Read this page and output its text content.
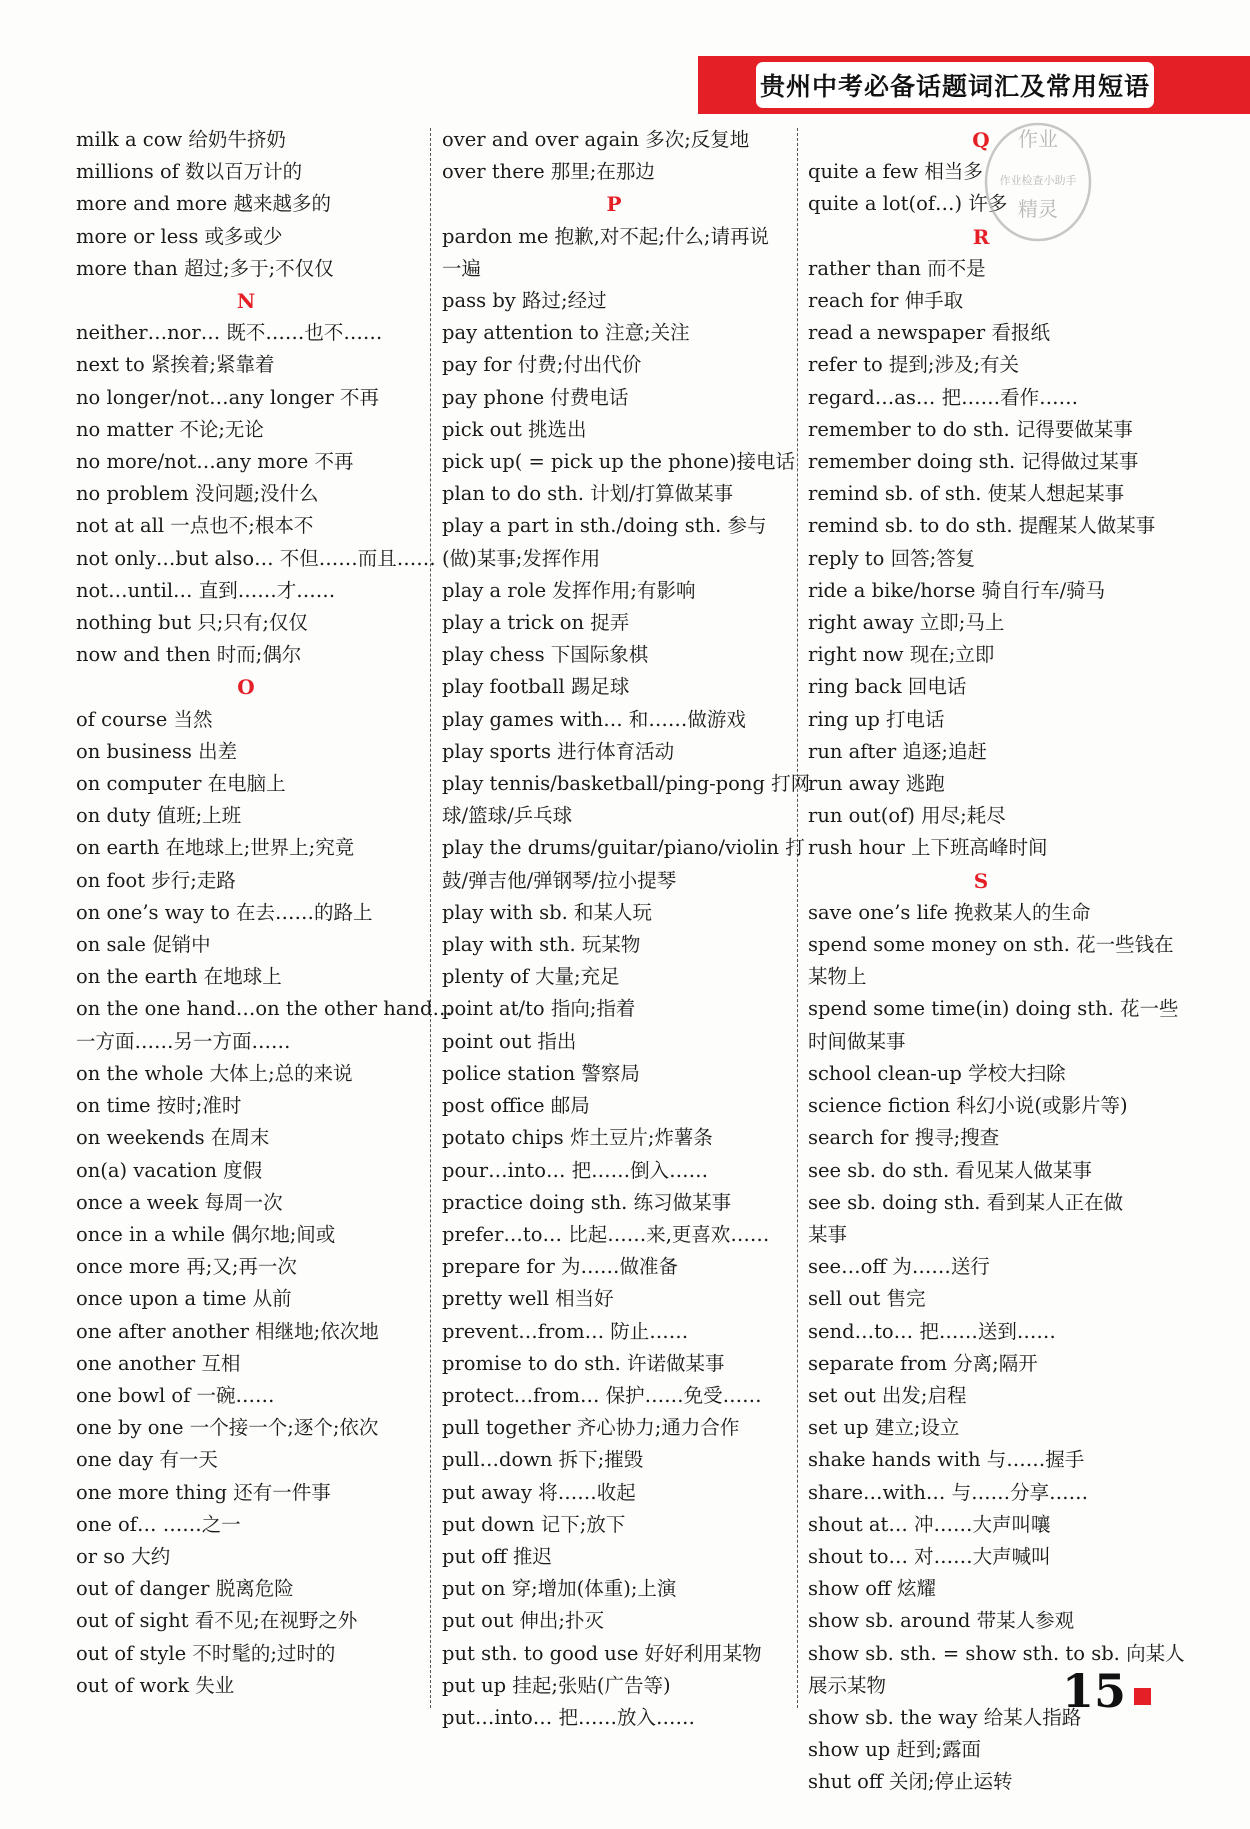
贵州中考必备话题词汇及常用短语
milk a cow 给奶牛挤奶
millions of 数以百万计的
more and more 越来越多的
more or less 或多或少
more than 超过;多于;不仅仅
N
neither…nor… 既不……也不……
next to 紧挨着;紧靠着
no longer/not…any longer 不再
no matter 不论;无论
no more/not…any more 不再
no problem 没问题;没什么
not at all 一点也不;根本不
not only…but also… 不但……而且……
not…until… 直到……才……
nothing but 只;只有;仅仅
now and then 时而;偶尔
O
of course 当然
on business 出差
on computer 在电脑上
on duty 值班;上班
on earth 在地球上;世界上;究竟
on foot 步行;走路
on one’s way to 在去……的路上
on sale 促销中
on the earth 在地球上
on the one hand…on the other hand…
一方面……另一方面……
on the whole 大体上;总的来说
on time 按时;准时
on weekends 在周末
on(a) vacation 度假
once a week 每周一次
once in a while 偶尔地;间或
once more 再;又;再一次
once upon a time 从前
one after another 相继地;依次地
one another 互相
one bowl of 一碗……
one by one 一个接一个;逐个;依次
one day 有一天
one more thing 还有一件事
one of… ……之一
or so 大约
out of danger 脱离危险
out of sight 看不见;在视野之外
out of style 不时髦的;过时的
out of work 失业
over and over again 多次;反复地
over there 那里;在那边
P
pardon me 抱歉,对不起;什么;请再说
一遍
pass by 路过;经过
pay attention to 注意;关注
pay for 付费;付出代价
pay phone 付费电话
pick out 挑选出
pick up( = pick up the phone)接电话
plan to do sth. 计划/打算做某事
play a part in sth./doing sth. 参与
(做)某事;发挥作用
play a role 发挥作用;有影响
play a trick on 捉弄
play chess 下国际象棋
play football 踢足球
play games with… 和……做游戏
play sports 进行体育活动
play tennis/basketball/ping-pong 打网
球/篮球/乒乓球
play the drums/guitar/piano/violin 打
鼓/弹吉他/弹钢琴/拉小提琴
play with sb. 和某人玩
play with sth. 玩某物
plenty of 大量;充足
point at/to 指向;指着
point out 指出
police station 警察局
post office 邮局
potato chips 炸土豆片;炸薯条
pour…into… 把……倒入……
practice doing sth. 练习做某事
prefer…to… 比起……来,更喜欢……
prepare for 为……做准备
pretty well 相当好
prevent…from… 防止……
promise to do sth. 许诺做某事
protect…from… 保护……免受……
pull together 齐心协力;通力合作
pull…down 拆下;摧毁
put away 将……收起
put down 记下;放下
put off 推迟
put on 穿;增加(体重);上演
put out 伸出;扑灭
put sth. to good use 好好利用某物
put up 挂起;张贴(广告等)
put…into… 把……放入……
Q
quite a few 相当多
quite a lot(of…) 许多
R
rather than 而不是
reach for 伸手取
read a newspaper 看报纸
refer to 提到;涉及;有关
regard…as… 把……看作……
remember to do sth. 记得要做某事
remember doing sth. 记得做过某事
remind sb. of sth. 使某人想起某事
remind sb. to do sth. 提醒某人做某事
reply to 回答;答复
ride a bike/horse 骑自行车/骑马
right away 立即;马上
right now 现在;立即
ring back 回电话
ring up 打电话
run after 追逐;追赶
run away 逃跑
run out(of) 用尽;耗尽
rush hour 上下班高峰时间
S
save one’s life 挽救某人的生命
spend some money on sth. 花一些钱在
某物上
spend some time(in) doing sth. 花一些
时间做某事
school clean-up 学校大扫除
science fiction 科幻小说(或影片等)
search for 搜寻;搜查
see sb. do sth. 看见某人做某事
see sb. doing sth. 看到某人正在做
某事
see…off 为……送行
sell out 售完
send…to… 把……送到……
separate from 分离;隔开
set out 出发;启程
set up 建立;设立
shake hands with 与……握手
share…with… 与……分享……
shout at… 冲……大声叫嚷
shout to… 对……大声喊叫
show off 炫耀
show sb. around 带某人参观
show sb. sth. = show sth. to sb. 向某人
展示某物
show sb. the way 给某人指路
show up 赶到;露面
shut off 关闭;停止运转
作业
作业检查小助手
精灵
15
